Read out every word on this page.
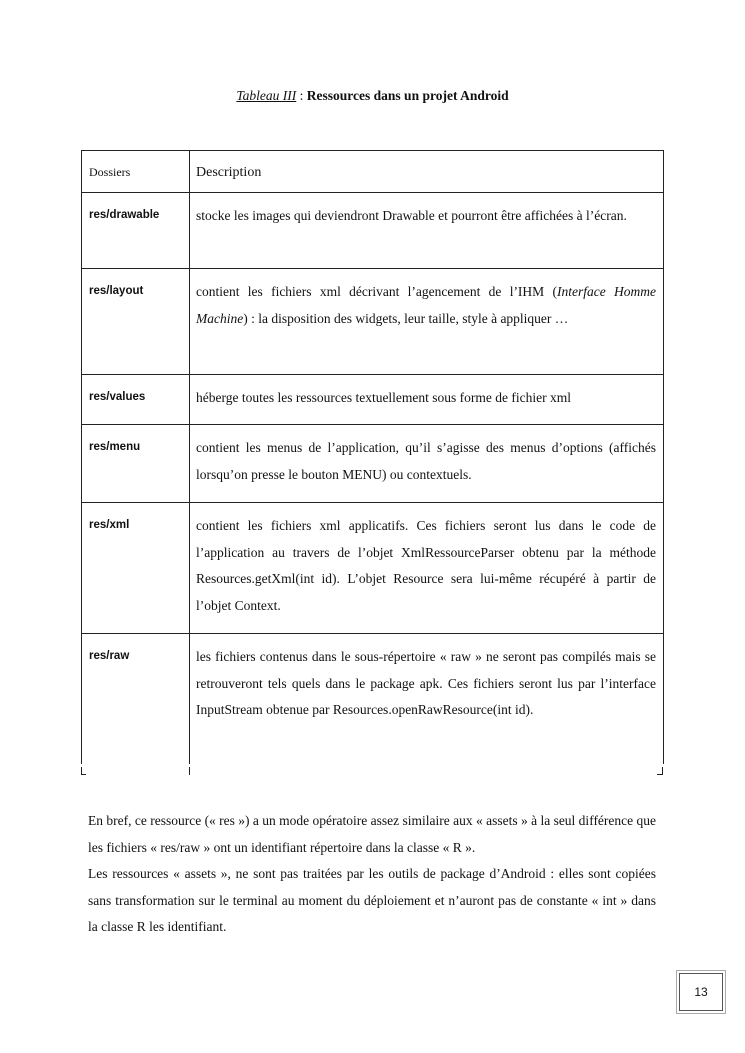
Tableau III : Ressources dans un projet Android
Dossiers	Description
res/drawable	stocke les images qui deviendront Drawable et pourront être affichées à l’écran.
res/layout	contient les fichiers xml décrivant l’agencement de l’IHM (Interface Homme Machine) : la disposition des widgets, leur taille, style à appliquer …
res/values	héberge toutes les ressources textuellement sous forme de fichier xml
res/menu	contient les menus de l’application, qu’il s’agisse des menus d’options (affichés lorsqu’on presse le bouton MENU) ou contextuels.
res/xml	contient les fichiers xml applicatifs. Ces fichiers seront lus dans le code de l’application au travers de l’objet XmlRessourceParser obtenu par la méthode Resources.getXml(int id). L’objet Resource sera lui-même récupéré à partir de l’objet Context.
res/raw	les fichiers contenus dans le sous-répertoire « raw » ne seront pas compilés mais se retrouveront tels quels dans le package apk. Ces fichiers seront lus par l’interface InputStream obtenue par Resources.openRawResource(int id).

En bref, ce ressource (« res ») a un mode opératoire assez similaire aux « assets » à la seul différence que les fichiers « res/raw » ont un identifiant répertoire dans la classe « R ».

Les ressources « assets », ne sont pas traitées par les outils de package d’Android : elles sont copiées sans transformation sur le terminal au moment du déploiement et n’auront pas de constante « int » dans la classe R les identifiant.

13
